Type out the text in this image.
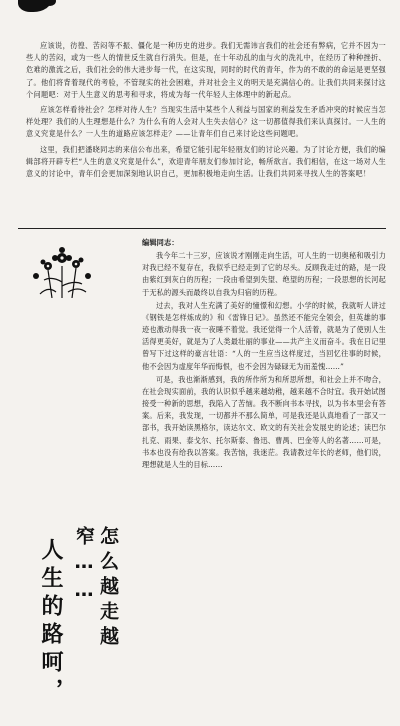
应该说，彷徨、苦闷等不振、僵化是一种历史的进步。我们无需讳言我们的社会还有弊病，它并不因为一些人的苦闷，或为一些人的情世反生就自行消失。但是，在十年动乱的血与火的洗礼中，在经历了种种挫折、危难的激流之后，我们社会的伟大进步每一代，在这实现，同时的时代的青年，作为的不敢的的命运是更坚强了。他们将背着现代的考验，不管现实的社会困难，并对社会主义的明天是充满信心的。让我们共同来探讨这个问题吧：对于人生意义的思考和寻求，将成为每一代年轻人主体理中的新起点。

应该怎样看待社会？怎样对待人生？当现实生活中某些个人利益与国家的利益发生矛盾冲突的时候应当怎样处理？我们的人生理想是什么？为什么有的人会对人生失去信心？这一切都值得我们来认真探讨。一人生的意义究竟是什么？一人生的道路应该怎样走？——让青年们自己来讨论这些问题吧。

这里，我们把潘晓同志的来信公布出来，希望它能引起年轻朋友们的讨论兴趣。为了讨论方便，我们的编辑部将开辟专栏“人生的意义究竟是什么”，欢迎青年朋友们参加讨论，畅所欲言。我们相信，在这一场对人生意义的讨论中，青年们会更加深刻地认识自己，更加积极地走向生活。让我们共同来寻找人生的答案吧！

怎么越走越窄……
人生的路呵，
编辑同志：

我今年二十三岁，应该说才刚刚走向生活，可人生的一切奥秘和吸引力对我已经不复存在，我似乎已经走到了它的尽头。反顾我走过的路，是一段由紫红到灰白的历程；一段由希望到失望、绝望的历程；一段思想的长河起于无私的源头而最终以自我为归宿的历程。

过去，我对人生充满了美好的憧憬和幻想。小学的时候，我就听人讲过《钢铁是怎样炼成的》和《雷锋日记》。虽然还不能完全领会，但英雄的事迹也激动得我一夜一夜睡不着觉。我还觉得一个人活着，就是为了使别人生活得更美好，就是为了人类最壮丽的事业——共产主义而奋斗。我在日记里曾写下过这样的豪言壮语：“人的一生应当这样度过，当回忆往事的时候，他不会因为虚度年华而悔恨，也不会因为碌碌无为而羞愧……”

可是，我也渐渐感到，我的所作所为和所思所想，和社会上并不吻合，在社会现实面前，我的认识似乎越来越幼稚，越来越不合时宜。我开始试图接受一种新的思想，我陷入了苦恼。我不断向书本寻找，以为书本里会有答案。后来，我发现，一切都并不那么简单，可是我还是认真地看了一部又一部书，我开始读黑格尔，读达尔文、欧文的有关社会发展史的论述；读巴尔扎克、雨果、泰戈尔、托尔斯泰、鲁迅、曹禺、巴金等人的名著……可是，书本也没有给我以答案。我苦恼，我迷茫。我请教过年长的老师，他们说，理想就是人生的目标……
